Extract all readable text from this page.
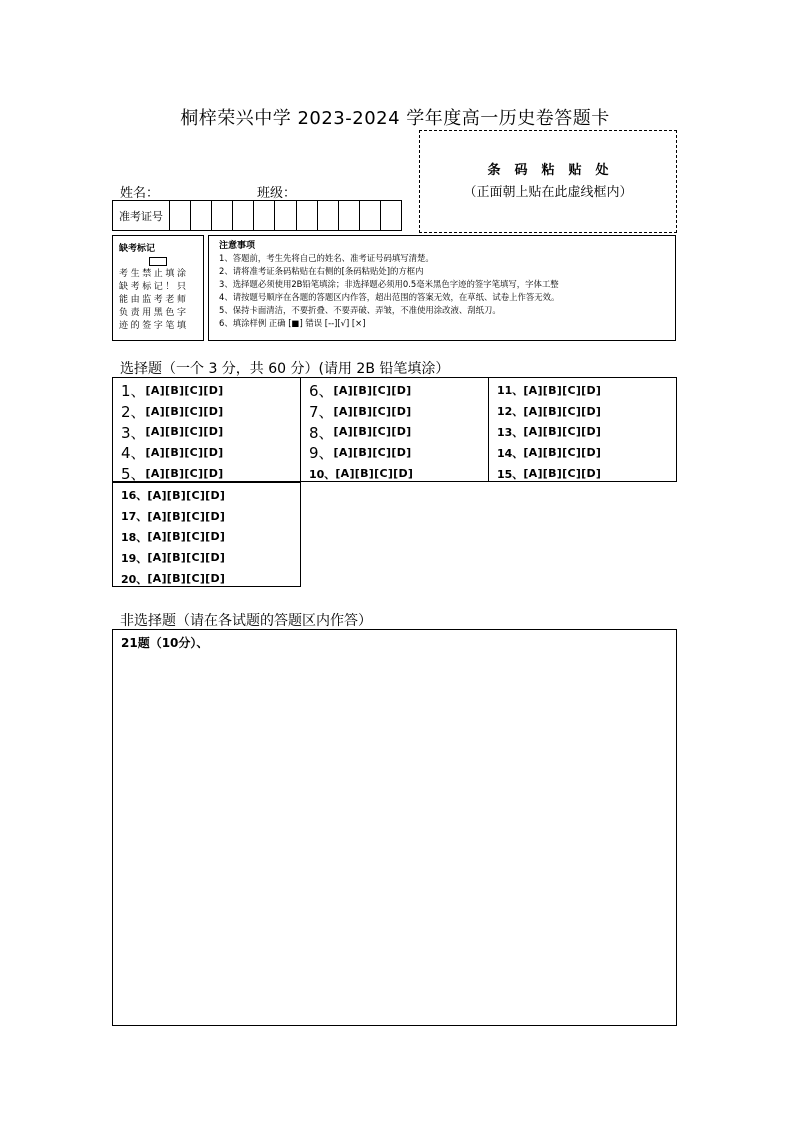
桐梓荣兴中学 2023-2024 学年度高一历史卷答题卡
条码粘贴处
（正面朝上贴在此虚线框内）
姓名：	班级：
准考证号
缺考标记
考生禁止填涂缺考标记！只能由监考老师负责用黑色字迹的签字笔填
注意事项
1、答题前，考生先将自己的姓名、准考证号码填写清楚。
2、请将准考证条码粘贴在右侧的[条码粘贴处]的方框内
3、选择题必须使用2B铅笔填涂；非选择题必须用0.5毫米黑色字迹的签字笔填写，字体工整
4、请按题号顺序在各题的答题区内作答，超出范围的答案无效，在草纸、试卷上作答无效。
5、保持卡面清洁，不要折叠、不要弄破、弄皱，不准使用涂改液、刮纸刀。
6、填涂样例 正确 [■] 错误 [--][√] [×]
选择题（一个 3 分，共 60 分）(请用 2B 铅笔填涂）
1、 [A][B][C][D]
2、 [A][B][C][D]
3、 [A][B][C][D]
4、 [A][B][C][D]
5、 [A][B][C][D]
6、 [A][B][C][D]
7、 [A][B][C][D]
8、 [A][B][C][D]
9、 [A][B][C][D]
10、 [A][B][C][D]
11、 [A][B][C][D]
12、 [A][B][C][D]
13、 [A][B][C][D]
14、 [A][B][C][D]
15、 [A][B][C][D]
16、 [A][B][C][D]
17、 [A][B][C][D]
18、 [A][B][C][D]
19、 [A][B][C][D]
20、 [A][B][C][D]
非选择题（请在各试题的答题区内作答）
21题（10分）、
